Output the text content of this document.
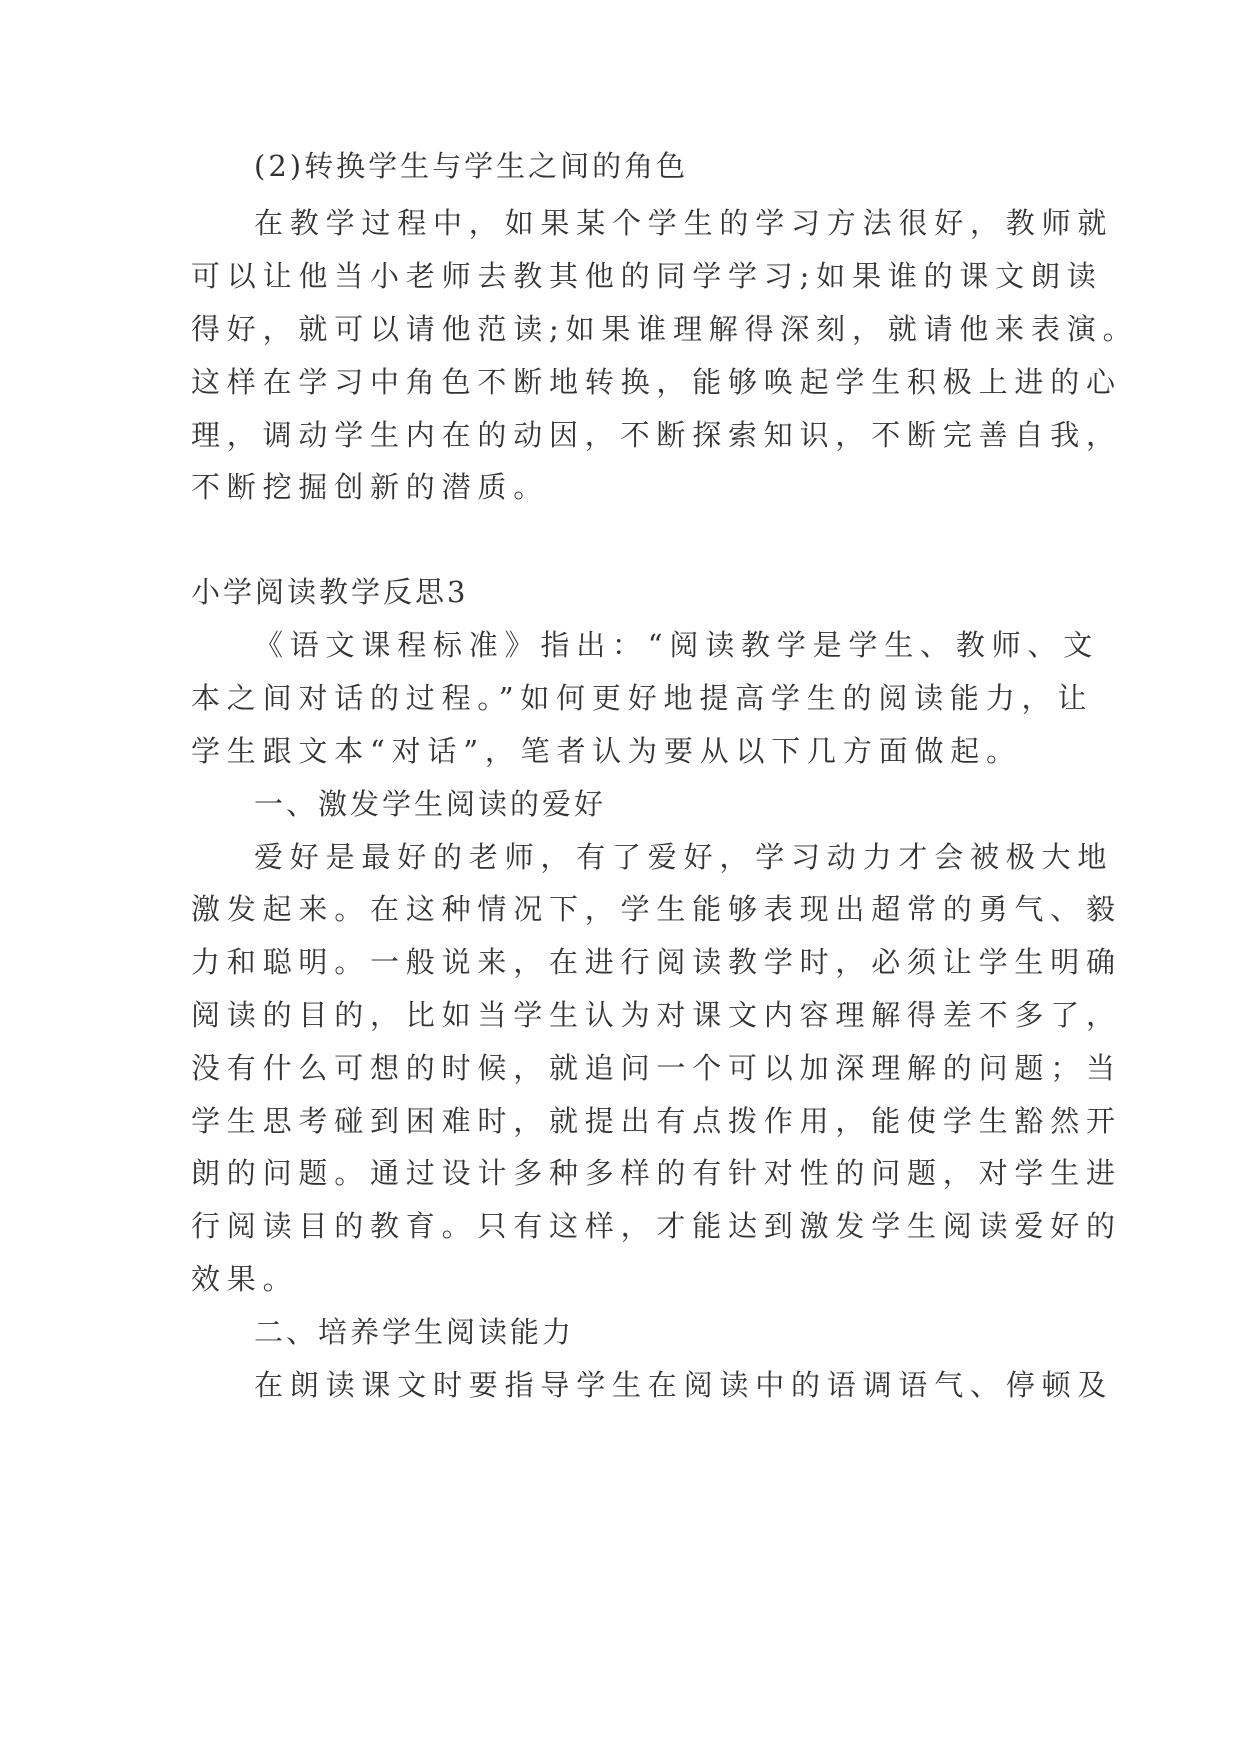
(2)转换学生与学生之间的角色
在教学过程中，如果某个学生的学习方法很好，教师就
可以让他当小老师去教其他的同学学习;如果谁的课文朗读
得好，就可以请他范读;如果谁理解得深刻，就请他来表演。
这样在学习中角色不断地转换，能够唤起学生积极上进的心
理，调动学生内在的动因，不断探索知识，不断完善自我，
不断挖掘创新的潜质。
小学阅读教学反思3
《语文课程标准》指出：“阅读教学是学生、教师、文
本之间对话的过程。”如何更好地提高学生的阅读能力，让
学生跟文本“对话”，笔者认为要从以下几方面做起。
一、激发学生阅读的爱好
爱好是最好的老师，有了爱好，学习动力才会被极大地
激发起来。在这种情况下，学生能够表现出超常的勇气、毅
力和聪明。一般说来，在进行阅读教学时，必须让学生明确
阅读的目的，比如当学生认为对课文内容理解得差不多了，
没有什么可想的时候，就追问一个可以加深理解的问题；当
学生思考碰到困难时，就提出有点拨作用，能使学生豁然开
朗的问题。通过设计多种多样的有针对性的问题，对学生进
行阅读目的教育。只有这样，才能达到激发学生阅读爱好的
效果。
二、培养学生阅读能力
在朗读课文时要指导学生在阅读中的语调语气、停顿及
